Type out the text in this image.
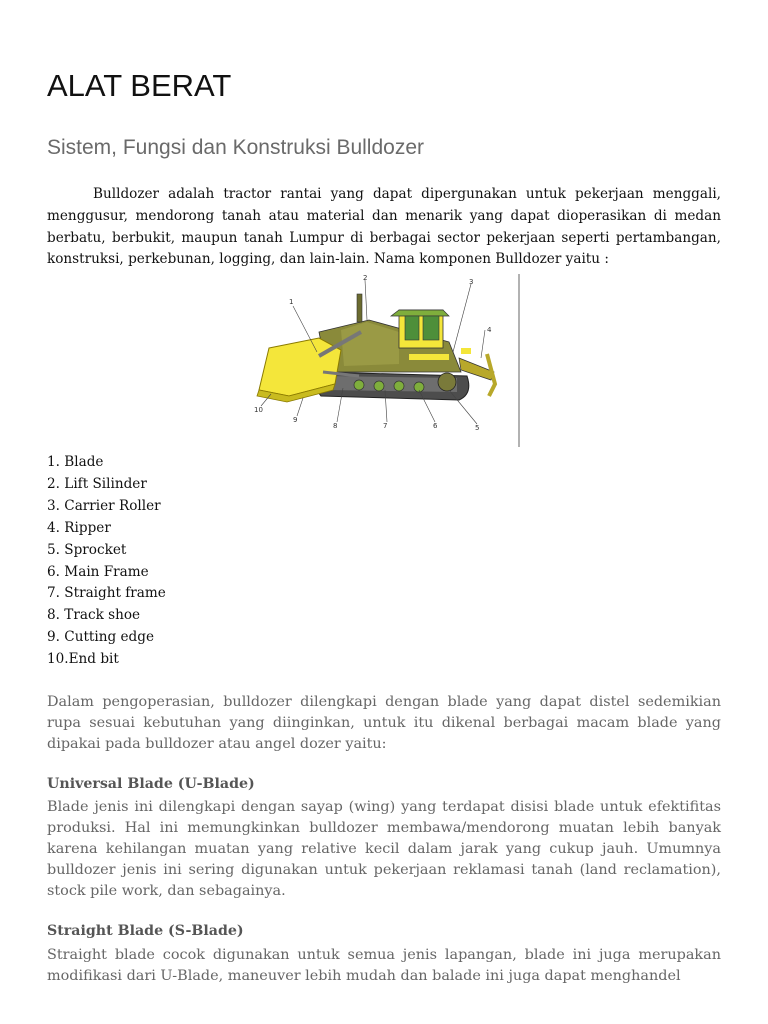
ALAT BERAT
Sistem, Fungsi dan Konstruksi Bulldozer

Bulldozer adalah tractor rantai yang dapat dipergunakan untuk pekerjaan menggali, menggusur, mendorong tanah atau material dan menarik yang dapat dioperasikan di medan berbatu, berbukit, maupun tanah Lumpur di berbagai sector pekerjaan seperti pertambangan, konstruksi, perkebunan, logging, dan lain-lain. Nama komponen Bulldozer yaitu :

1
2	3
4
10
9
8	7	6	5
1. Blade
2. Lift Silinder
3. Carrier Roller
4. Ripper
5. Sprocket
6. Main Frame
7. Straight frame
8. Track shoe
9. Cutting edge
10.End bit

Dalam pengoperasian, bulldozer dilengkapi dengan blade yang dapat distel sedemikian rupa sesuai kebutuhan yang diinginkan, untuk itu dikenal berbagai macam blade yang dipakai pada bulldozer atau angel dozer yaitu:

Universal Blade (U-Blade)

Blade jenis ini dilengkapi dengan sayap (wing) yang terdapat disisi blade untuk efektifitas produksi. Hal ini memungkinkan bulldozer membawa/mendorong muatan lebih banyak karena kehilangan muatan yang relative kecil dalam jarak yang cukup jauh. Umumnya bulldozer jenis ini sering digunakan untuk pekerjaan reklamasi tanah (land reclamation), stock pile work, dan sebagainya.

Straight Blade (S-Blade)

Straight blade cocok digunakan untuk semua jenis lapangan, blade ini juga merupakan modifikasi dari U-Blade, maneuver lebih mudah dan balade ini juga dapat menghandel
